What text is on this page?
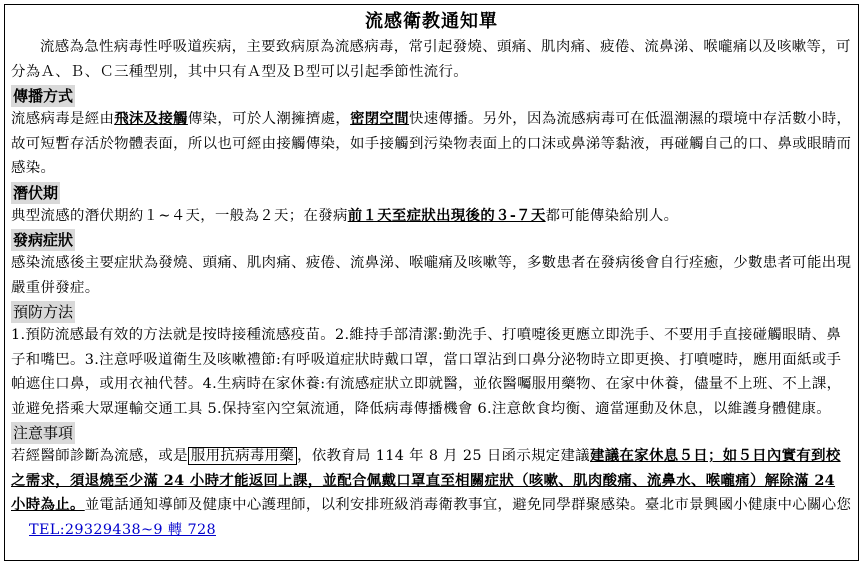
流感衛教通知單
流感為急性病毒性呼吸道疾病，主要致病原為流感病毒，常引起發燒、頭痛、肌肉痛、疲倦、流鼻涕、喉嚨痛以及咳嗽等，可分為Ａ、Ｂ、Ｃ三種型別，其中只有Ａ型及Ｂ型可以引起季節性流行。
傳播方式
流感病毒是經由飛沫及接觸傳染，可於人潮擁擠處，密閉空間快速傳播。另外，因為流感病毒可在低溫潮濕的環境中存活數小時，故可短暫存活於物體表面，所以也可經由接觸傳染，如手接觸到污染物表面上的口沫或鼻涕等黏液，再碰觸自己的口、鼻或眼睛而感染。
潛伏期
典型流感的潛伏期約１∼４天，一般為２天；在發病前１天至症狀出現後的３-７天都可能傳染給別人。
發病症狀
感染流感後主要症狀為發燒、頭痛、肌肉痛、疲倦、流鼻涕、喉嚨痛及咳嗽等，多數患者在發病後會自行痊癒，少數患者可能出現嚴重併發症。
預防方法
1.預防流感最有效的方法就是按時接種流感疫苗。2.維持手部清潔:勤洗手、打噴嚏後更應立即洗手、不要用手直接碰觸眼睛、鼻子和嘴巴。3.注意呼吸道衛生及咳嗽禮節:有呼吸道症狀時戴口罩，當口罩沾到口鼻分泌物時立即更換、打噴嚏時，應用面紙或手帕遮住口鼻，或用衣袖代替。4.生病時在家休養:有流感症狀立即就醫，並依醫囑服用藥物、在家中休養，儘量不上班、不上課，並避免搭乘大眾運輸交通工具 5.保持室內空氣流通，降低病毒傳播機會 6.注意飲食均衡、適當運動及休息，以維護身體健康。
注意事項
若經醫師診斷為流感，或是 服用抗病毒用藥 ，依教育局 114 年 8 月 25 日函示規定建議建議在家休息５日；如５日內實有到校之需求，須退燒至少滿 24 小時才能返回上課，並配合佩戴口罩直至相關症狀（咳嗽、肌肉酸痛、流鼻水、喉嚨痛）解除滿 24 小時為止。並電話通知導師及健康中心護理師，以利安排班級消毒衛教事宜，避免同學群聚感染。臺北市景興國小健康中心關心您TEL:29329438~9 轉 728
